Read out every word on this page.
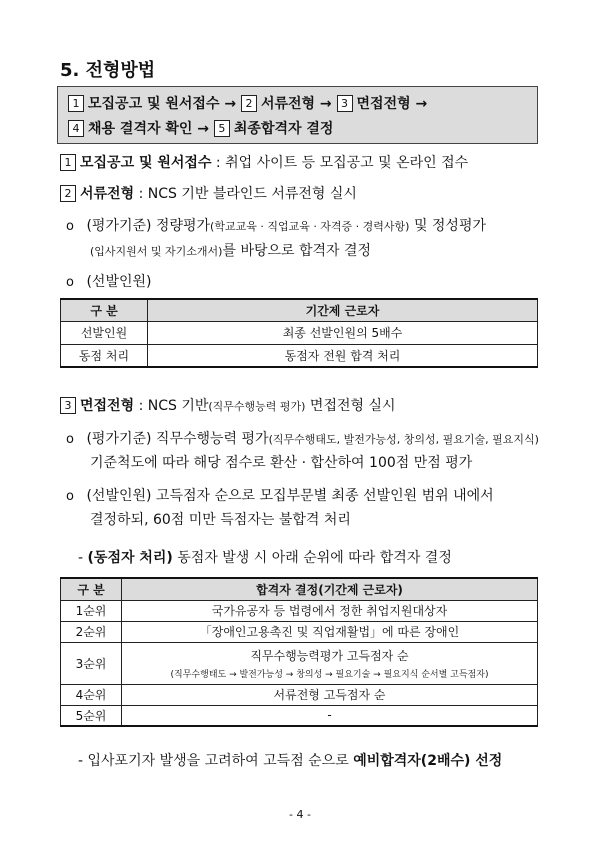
5. 전형방법
1 모집공고 및 원서접수 → 2 서류전형 → 3 면접전형 →
4 채용 결격자 확인 → 5 최종합격자 결정
1 모집공고 및 원서접수 : 취업 사이트 등 모집공고 및 온라인 접수
2 서류전형 : NCS 기반 블라인드 서류전형 실시
o (평가기준) 정량평가(학교교육 · 직업교육 · 자격증 · 경력사항) 및 정성평가
(입사지원서 및 자기소개서)를 바탕으로 합격자 결정
o (선발인원)
구 분	기간제 근로자
선발인원	최종 선발인원의 5배수
동점 처리	동점자 전원 합격 처리
3 면접전형 : NCS 기반(직무수행능력 평가) 면접전형 실시
o (평가기준) 직무수행능력 평가(직무수행태도, 발전가능성, 창의성, 필요기술, 필요지식)
기준척도에 따라 해당 점수로 환산 · 합산하여 100점 만점 평가
o (선발인원) 고득점자 순으로 모집부문별 최종 선발인원 범위 내에서
결정하되, 60점 미만 득점자는 불합격 처리
- (동점자 처리) 동점자 발생 시 아래 순위에 따라 합격자 결정
구 분	합격자 결정(기간제 근로자)
1순위	국가유공자 등 법령에서 정한 취업지원대상자
2순위	「장애인고용촉진 및 직업재활법」에 따른 장애인
3순위	직무수행능력평가 고득점자 순
(직무수행태도 → 발전가능성 → 창의성 → 필요기술 → 필요지식 순서별 고득점자)

4순위	서류전형 고득점자 순
5순위	-
- 입사포기자 발생을 고려하여 고득점 순으로 예비합격자(2배수) 선정
- 4 -
